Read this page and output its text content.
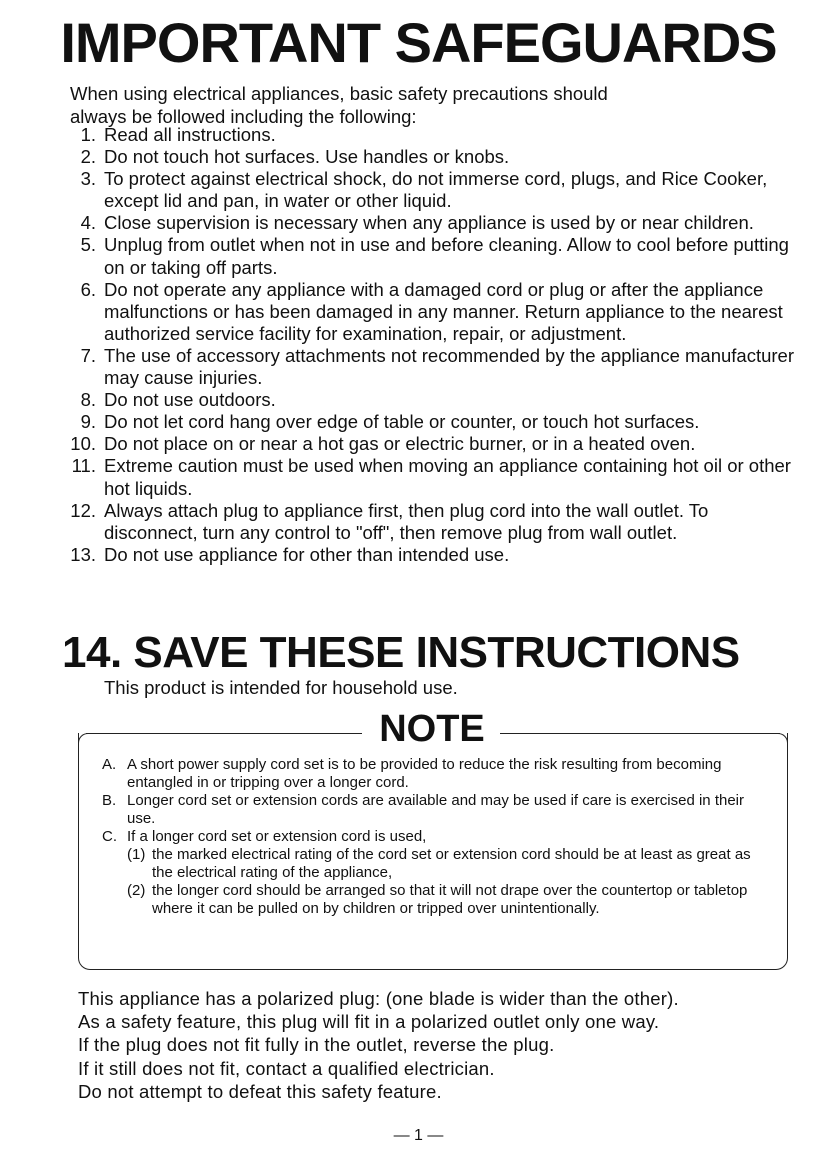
IMPORTANT SAFEGUARDS
When using electrical appliances, basic safety precautions should
always be followed including the following:
1. Read all instructions.
2. Do not touch hot surfaces. Use handles or knobs.
3. To protect against electrical shock, do not immerse cord, plugs, and Rice Cooker, except lid and pan, in water or other liquid.
4. Close supervision is necessary when any appliance is used by or near children.
5. Unplug from outlet when not in use and before cleaning. Allow to cool before putting on or taking off parts.
6. Do not operate any appliance with a damaged cord or plug or after the appliance malfunctions or has been damaged in any manner. Return appliance to the nearest authorized service facility for examination, repair, or adjustment.
7. The use of accessory attachments not recommended by the appliance manufacturer may cause injuries.
8. Do not use outdoors.
9. Do not let cord hang over edge of table or counter, or touch hot surfaces.
10. Do not place on or near a hot gas or electric burner, or in a heated oven.
11. Extreme caution must be used when moving an appliance containing hot oil or other hot liquids.
12. Always attach plug to appliance first, then plug cord into the wall outlet. To disconnect, turn any control to "off", then remove plug from wall outlet.
13. Do not use appliance for other than intended use.
14. SAVE THESE INSTRUCTIONS

This product is intended for household use.

NOTE
A. A short power supply cord set is to be provided to reduce the risk resulting from becoming entangled in or tripping over a longer cord.
B. Longer cord set or extension cords are available and may be used if care is exercised in their use.
C. If a longer cord set or extension cord is used,
(1) the marked electrical rating of the cord set or extension cord should be at least as great as the electrical rating of the appliance,
(2) the longer cord should be arranged so that it will not drape over the countertop or tabletop where it can be pulled on by children or tripped over unintentionally.
This appliance has a polarized plug: (one blade is wider than the other).
As a safety feature, this plug will fit in a polarized outlet only one way.
If the plug does not fit fully in the outlet, reverse the plug.
If it still does not fit, contact a qualified electrician.
Do not attempt to defeat this safety feature.
— 1 —
